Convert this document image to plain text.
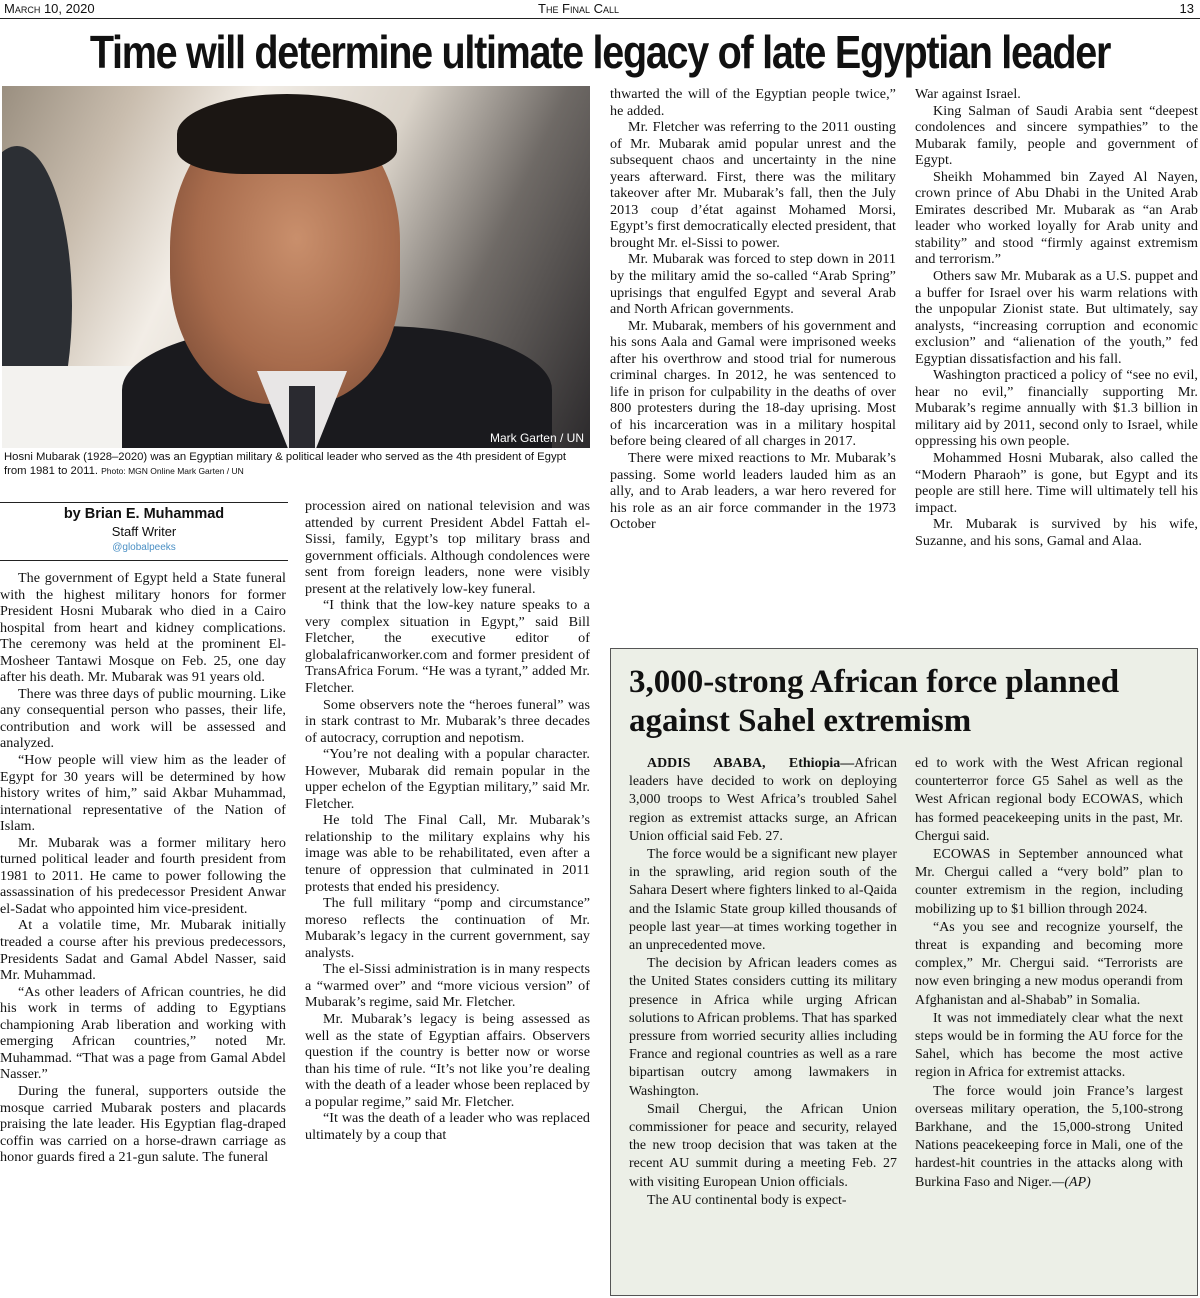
March 10, 2020	The Final Call	13
Time will determine ultimate legacy of late Egyptian leader
Mark Garten / UN
Hosni Mubarak (1928–2020) was an Egyptian military & political leader who served as the 4th president of Egypt from 1981 to 2011. Photo: MGN Online Mark Garten / UN
by Brian E. Muhammad
Staff Writer
@globalpeeks

The government of Egypt held a State funeral with the highest military honors for former President Hosni Mubarak who died in a Cairo hospital from heart and kidney complications. The ceremony was held at the prominent El-Mosheer Tantawi Mosque on Feb. 25, one day after his death. Mr. Mubarak was 91 years old.

There was three days of public mourning. Like any consequential person who passes, their life, contribution and work will be assessed and analyzed.

“How people will view him as the leader of Egypt for 30 years will be determined by how history writes of him,” said Akbar Muhammad, international representative of the Nation of Islam.

Mr. Mubarak was a former military hero turned political leader and fourth president from 1981 to 2011. He came to power following the assassination of his predecessor President Anwar el-Sadat who appointed him vice-president.

At a volatile time, Mr. Mubarak initially treaded a course after his previous predecessors, Presidents Sadat and Gamal Abdel Nasser, said Mr. Muhammad.

“As other leaders of African countries, he did his work in terms of adding to Egyptians championing Arab liberation and working with emerging African countries,” noted Mr. Muhammad. “That was a page from Gamal Abdel Nasser.”

During the funeral, supporters outside the mosque carried Mubarak posters and placards praising the late leader. His Egyptian flag-draped coffin was carried on a horse-drawn carriage as honor guards fired a 21-gun salute. The funeral

procession aired on national television and was attended by current President Abdel Fattah el-Sissi, family, Egypt’s top military brass and government officials. Although condolences were sent from foreign leaders, none were visibly present at the relatively low-key funeral.

“I think that the low-key nature speaks to a very complex situation in Egypt,” said Bill Fletcher, the executive editor of globalafricanworker.com and former president of TransAfrica Forum. “He was a tyrant,” added Mr. Fletcher.

Some observers note the “heroes funeral” was in stark contrast to Mr. Mubarak’s three decades of autocracy, corruption and nepotism.

“You’re not dealing with a popular character. However, Mubarak did remain popular in the upper echelon of the Egyptian military,” said Mr. Fletcher.

He told The Final Call, Mr. Mubarak’s relationship to the military explains why his image was able to be rehabilitated, even after a tenure of oppression that culminated in 2011 protests that ended his presidency.

The full military “pomp and circumstance” moreso reflects the continuation of Mr. Mubarak’s legacy in the current government, say analysts.

The el-Sissi administration is in many respects a “warmed over” and “more vicious version” of Mubarak’s regime, said Mr. Fletcher.

Mr. Mubarak’s legacy is being assessed as well as the state of Egyptian affairs. Observers question if the country is better now or worse than his time of rule. “It’s not like you’re dealing with the death of a leader whose been replaced by a popular regime,” said Mr. Fletcher.

“It was the death of a leader who was replaced ultimately by a coup that

thwarted the will of the Egyptian people twice,” he added.

Mr. Fletcher was referring to the 2011 ousting of Mr. Mubarak amid popular unrest and the subsequent chaos and uncertainty in the nine years afterward. First, there was the military takeover after Mr. Mubarak’s fall, then the July 2013 coup d’état against Mohamed Morsi, Egypt’s first democratically elected president, that brought Mr. el-Sissi to power.

Mr. Mubarak was forced to step down in 2011 by the military amid the so-called “Arab Spring” uprisings that engulfed Egypt and several Arab and North African governments.

Mr. Mubarak, members of his government and his sons Aala and Gamal were imprisoned weeks after his overthrow and stood trial for numerous criminal charges. In 2012, he was sentenced to life in prison for culpability in the deaths of over 800 protesters during the 18-day uprising. Most of his incarceration was in a military hospital before being cleared of all charges in 2017.

There were mixed reactions to Mr. Mubarak’s passing. Some world leaders lauded him as an ally, and to Arab leaders, a war hero revered for his role as an air force commander in the 1973 October

War against Israel.

King Salman of Saudi Arabia sent “deepest condolences and sincere sympathies” to the Mubarak family, people and government of Egypt.

Sheikh Mohammed bin Zayed Al Nayen, crown prince of Abu Dhabi in the United Arab Emirates described Mr. Mubarak as “an Arab leader who worked loyally for Arab unity and stability” and stood “firmly against extremism and terrorism.”

Others saw Mr. Mubarak as a U.S. puppet and a buffer for Israel over his warm relations with the unpopular Zionist state. But ultimately, say analysts, “increasing corruption and economic exclusion” and “alienation of the youth,” fed Egyptian dissatisfaction and his fall.

Washington practiced a policy of “see no evil, hear no evil,” financially supporting Mr. Mubarak’s regime annually with $1.3 billion in military aid by 2011, second only to Israel, while oppressing his own people.

Mohammed Hosni Mubarak, also called the “Modern Pharaoh” is gone, but Egypt and its people are still here. Time will ultimately tell his impact.

Mr. Mubarak is survived by his wife, Suzanne, and his sons, Gamal and Alaa.

3,000-strong African force planned against Sahel extremism

ADDIS ABABA, Ethiopia—African leaders have decided to work on deploying 3,000 troops to West Africa’s troubled Sahel region as extremist attacks surge, an African Union official said Feb. 27.

The force would be a significant new player in the sprawling, arid region south of the Sahara Desert where fighters linked to al-Qaida and the Islamic State group killed thousands of people last year—at times working together in an unprecedented move.

The decision by African leaders comes as the United States considers cutting its military presence in Africa while urging African solutions to African problems. That has sparked pressure from worried security allies including France and regional countries as well as a rare bipartisan outcry among lawmakers in Washington.

Smail Chergui, the African Union commissioner for peace and security, relayed the new troop decision that was taken at the recent AU summit during a meeting Feb. 27 with visiting European Union officials.

The AU continental body is expect-

ed to work with the West African regional counterterror force G5 Sahel as well as the West African regional body ECOWAS, which has formed peacekeeping units in the past, Mr. Chergui said.

ECOWAS in September announced what Mr. Chergui called a “very bold” plan to counter extremism in the region, including mobilizing up to $1 billion through 2024.

“As you see and recognize yourself, the threat is expanding and becoming more complex,” Mr. Chergui said. “Terrorists are now even bringing a new modus operandi from Afghanistan and al-Shabab” in Somalia.

It was not immediately clear what the next steps would be in forming the AU force for the Sahel, which has become the most active region in Africa for extremist attacks.

The force would join France’s largest overseas military operation, the 5,100-strong Barkhane, and the 15,000-strong United Nations peacekeeping force in Mali, one of the hardest-hit countries in the attacks along with Burkina Faso and Niger.—(AP)
